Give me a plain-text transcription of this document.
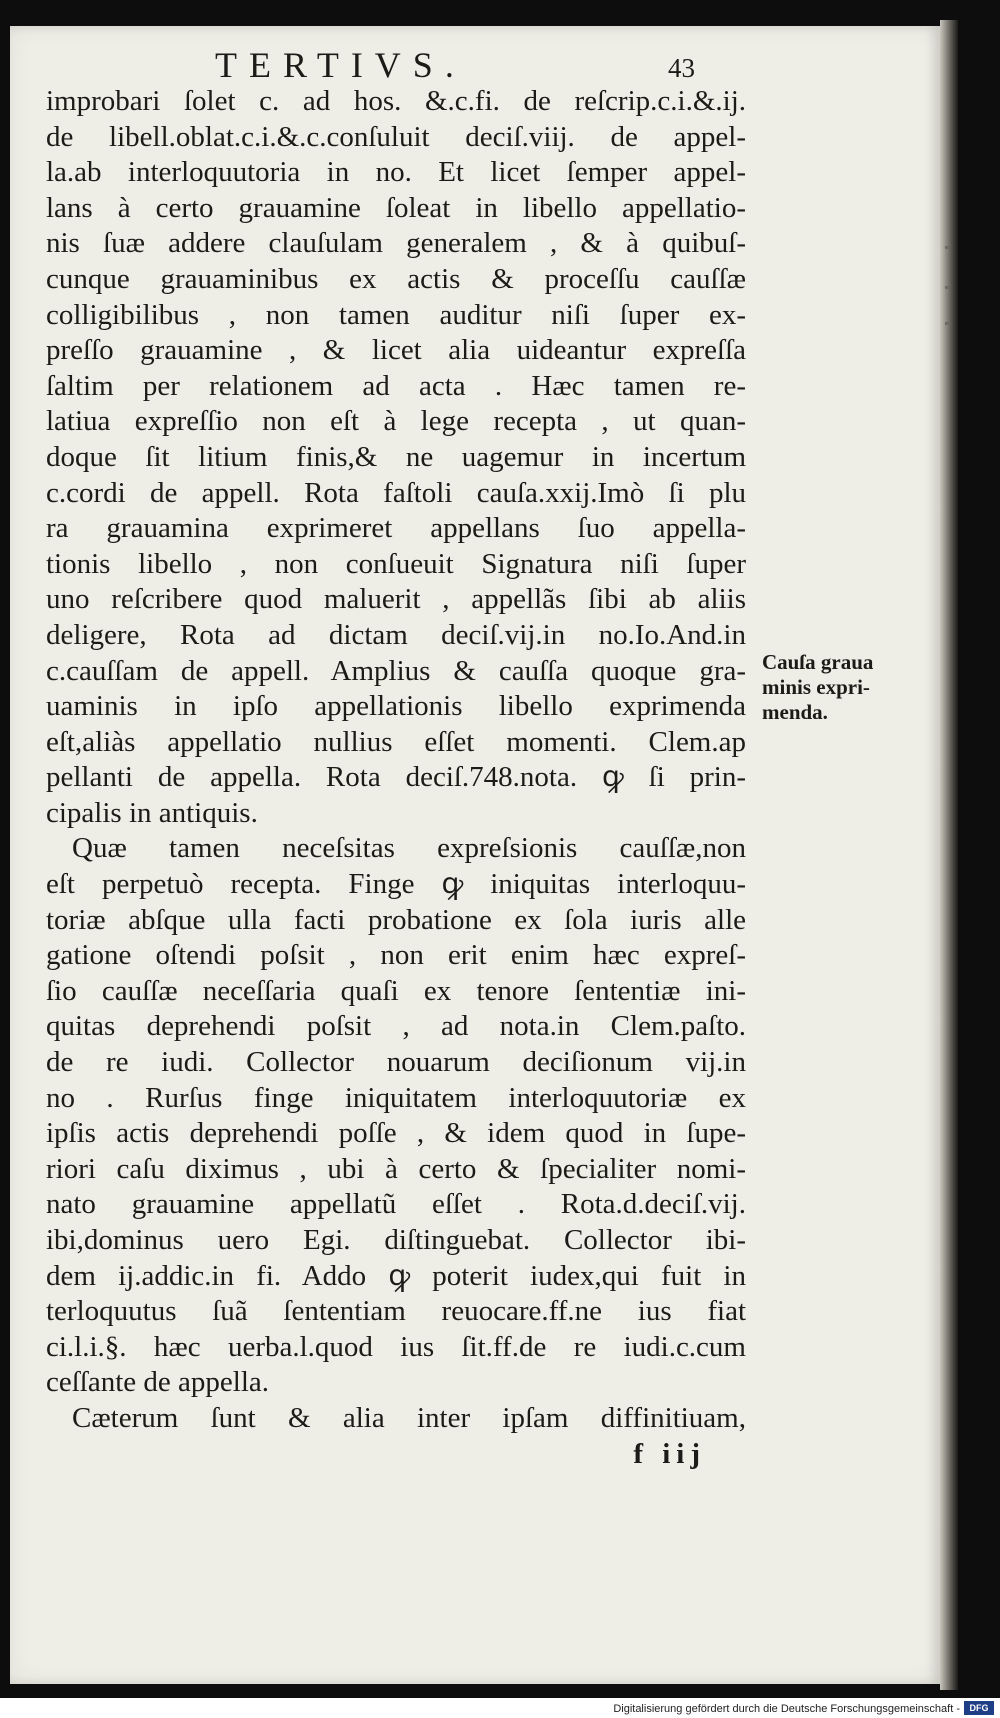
TERTIVS.	43
improbari ſolet c. ad hos. &.c.fi. de reſcrip.c.i.&.ij.
de libell.oblat.c.i.&.c.conſuluit deciſ.viij. de appel-
la.ab interloquutoria in no. Et licet ſemper appel-
lans à certo grauamine ſoleat in libello appellatio-
nis ſuæ addere clauſulam generalem , & à quibuſ-
cunque grauaminibus ex actis & proceſſu cauſſæ
colligibilibus , non tamen auditur niſi ſuper ex-
preſſo grauamine , & licet alia uideantur expreſſa
ſaltim per relationem ad acta . Hæc tamen re-
latiua expreſſio non eſt à lege recepta , ut quan-
doque ſit litium finis,& ne uagemur in incertum
c.cordi de appell. Rota faſtoli cauſa.xxij.Imò ſi plu
ra grauamina exprimeret appellans ſuo appella-
tionis libello , non conſueuit Signatura niſi ſuper
uno reſcribere quod maluerit , appellãs ſibi ab aliis
deligere, Rota ad dictam deciſ.vij.in no.Io.And.in
c.cauſſam de appell. Amplius & cauſſa quoque gra-
uaminis in ipſo appellationis libello exprimenda
eſt,aliàs appellatio nullius eſſet momenti. Clem.ap
pellanti de appella. Rota deciſ.748.nota. ꝙ ſi prin-
cipalis in antiquis.
Quæ tamen neceſsitas expreſsionis cauſſæ,non
eſt perpetuò recepta. Finge ꝙ iniquitas interloquu-
toriæ abſque ulla facti probatione ex ſola iuris alle
gatione oſtendi poſsit , non erit enim hæc expreſ-
ſio cauſſæ neceſſaria quaſi ex tenore ſententiæ ini-
quitas deprehendi poſsit , ad nota.in Clem.paſto.
de re iudi. Collector nouarum deciſionum vij.in
no . Rurſus finge iniquitatem interloquutoriæ ex
ipſis actis deprehendi poſſe , & idem quod in ſupe-
riori caſu diximus , ubi à certo & ſpecialiter nomi-
nato grauamine appellatũ eſſet . Rota.d.deciſ.vij.
ibi,dominus uero Egi. diſtinguebat. Collector ibi-
dem ij.addic.in fi. Addo ꝙ poterit iudex,qui fuit in
terloquutus ſuã ſententiam reuocare.ff.ne ius fiat
ci.l.i.§. hæc uerba.l.quod ius ſit.ff.de re iudi.c.cum
ceſſante de appella.
Cæterum ſunt & alia inter ipſam diffinitiuam,
f iij
Cauſa graua
minis expri-
menda.
Digitalisierung gefördert durch die Deutsche Forschungsgemeinschaft -	DFG
